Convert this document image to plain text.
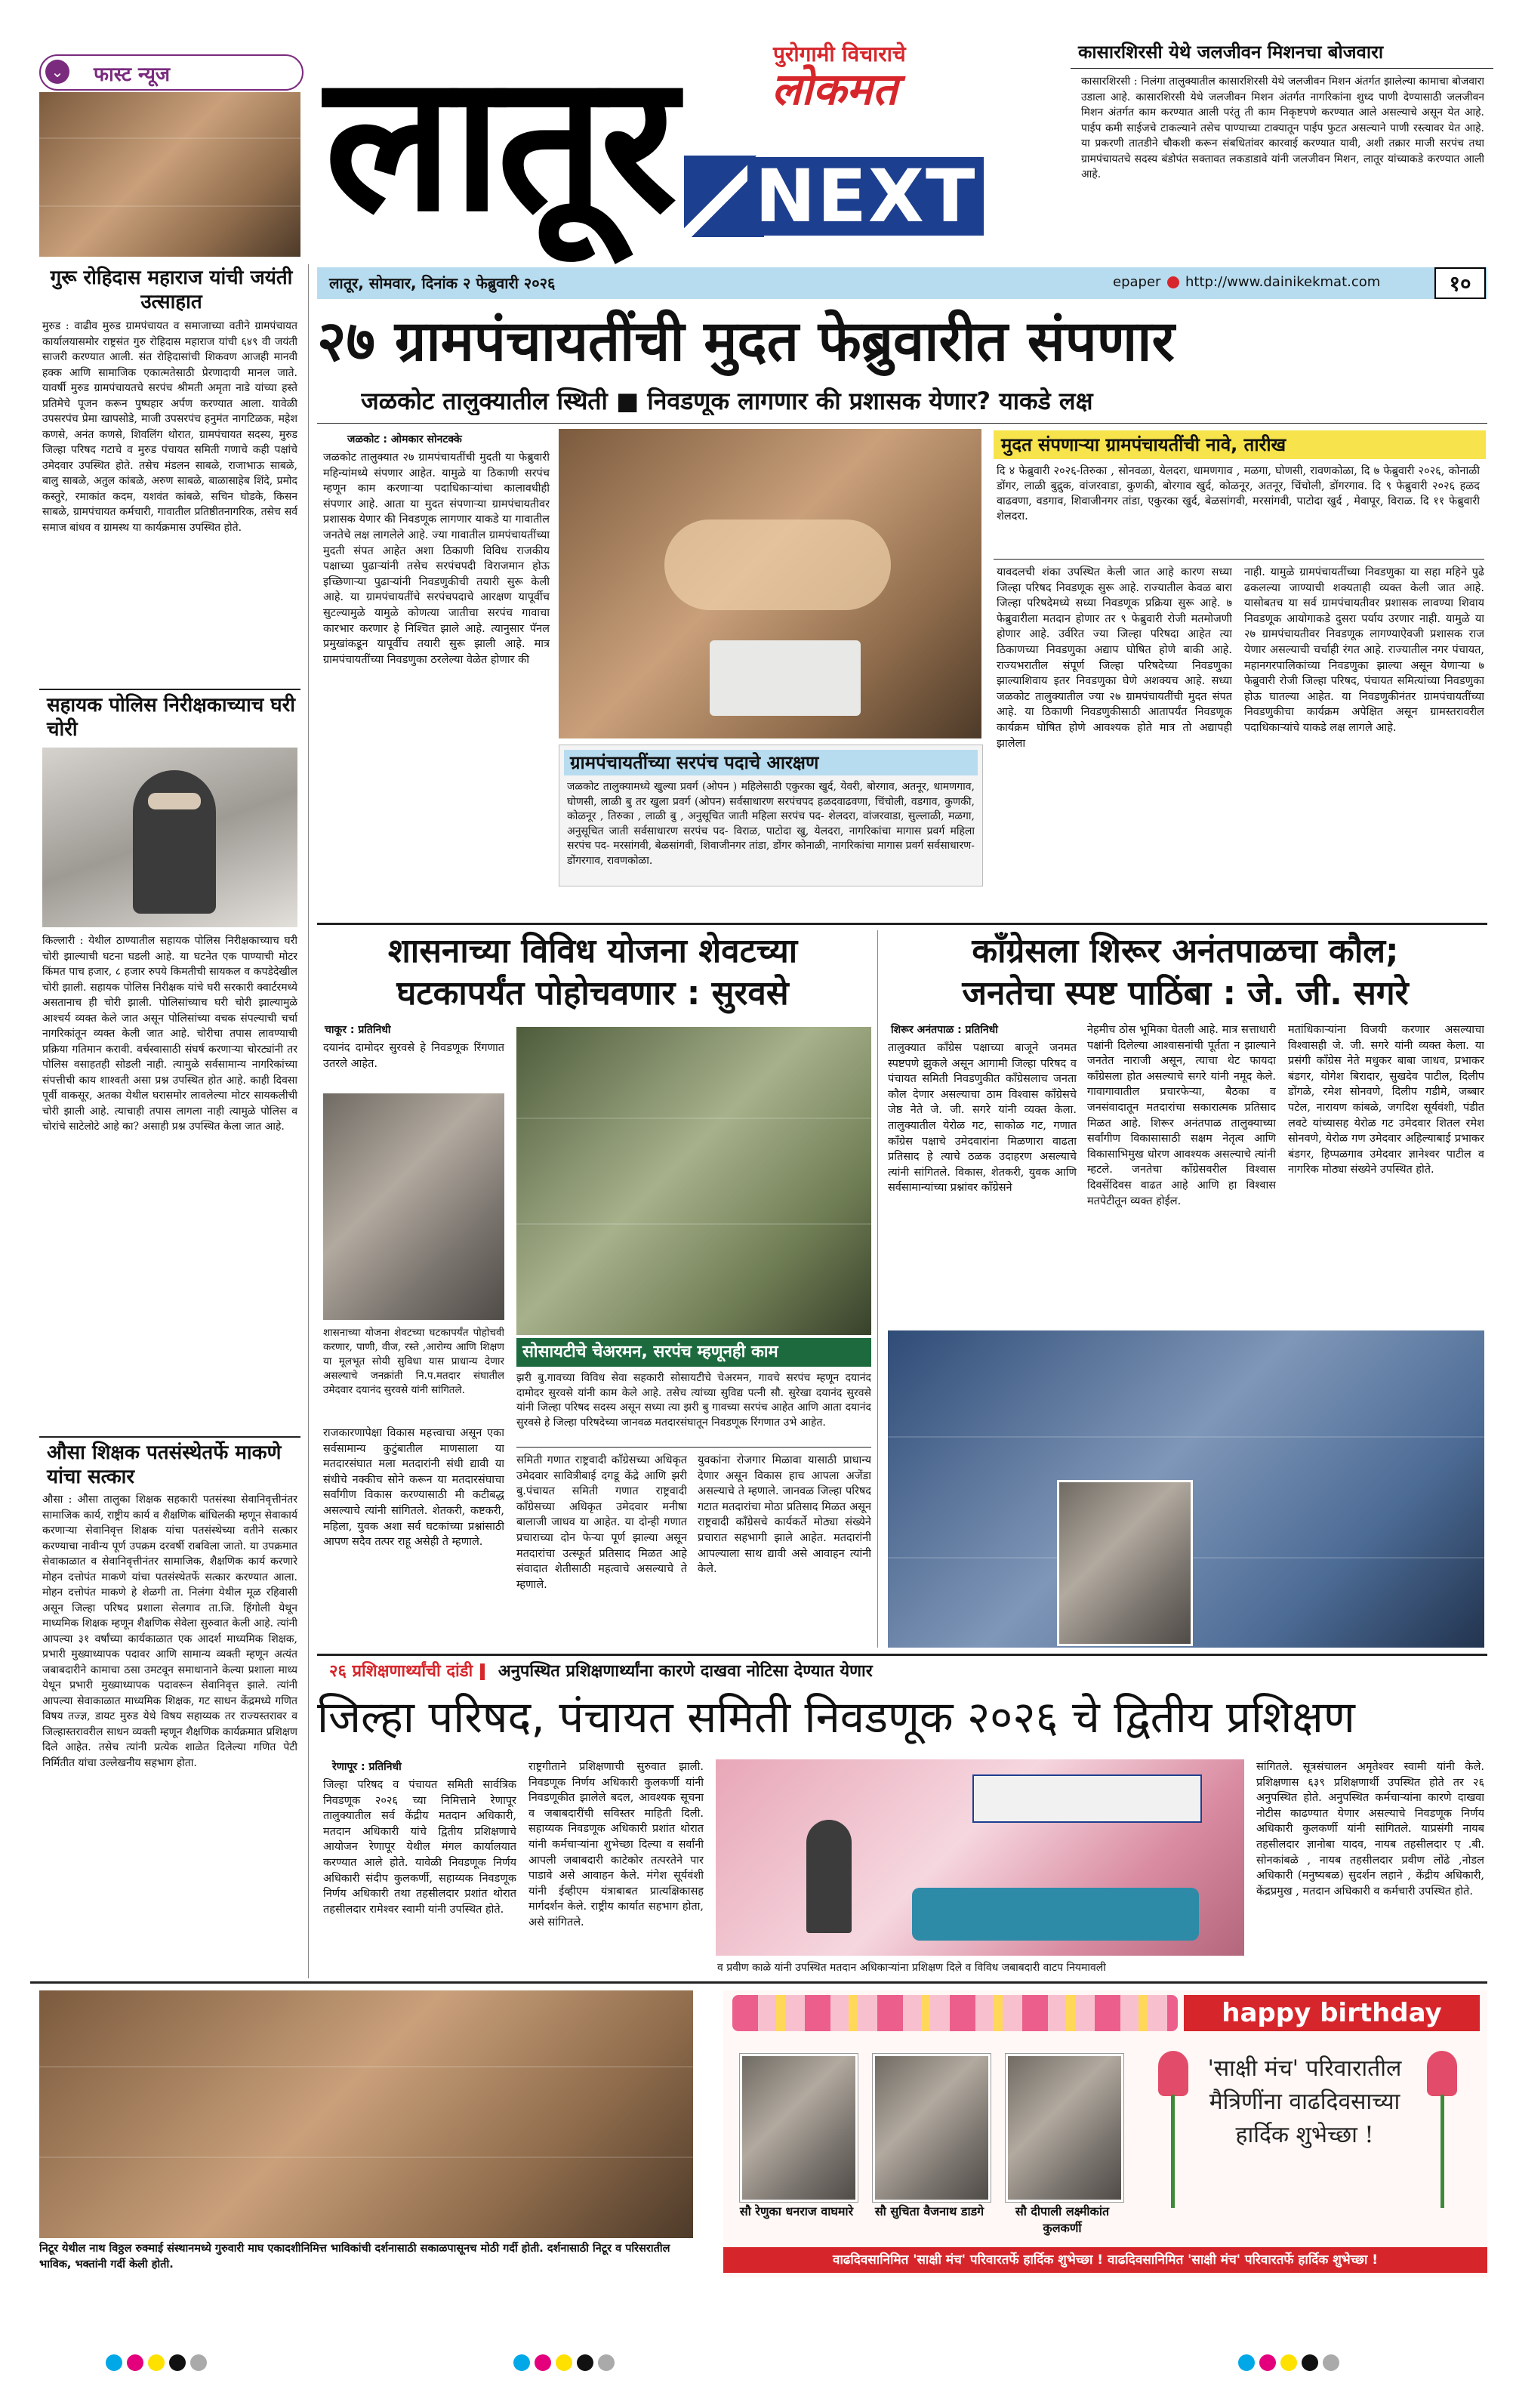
⌄ फास्ट न्यूज लातूर	पुरोगामी विचाराचे
लोकमत
NEXT
कासारशिरसी येथे जलजीवन मिशनचा बोजवारा
कासारशिरसी : निलंगा तालुक्यातील कासारशिरसी येथे जलजीवन मिशन अंतर्गत झालेल्या कामाचा बोजवारा उडाला आहे. कासारशिरसी येथे जलजीवन मिशन अंतर्गत नागरिकांना शुध्द पाणी देण्यासाठी जलजीवन मिशन अंतर्गत काम करण्यात आली परंतु ती काम निकृष्टपणे करण्यात आले असल्याचे असून येत आहे. पाईप कमी साईजचे टाकल्याने तसेच पाण्याच्या टाक्यातून पाईप फुटत असल्याने पाणी रस्त्यावर येत आहे. या प्रकरणी तातडीने चौकशी करून संबधितांवर कारवाई करण्यात यावी, अशी तक्रार माजी सरपंच तथा ग्रामपंचायतचे सदस्य बंडोपंत सक्तावत लकडाडावे यांनी जलजीवन मिशन, लातूर यांच्याकडे करण्यात आली आहे.
लातूर, सोमवार, दिनांक २ फेब्रुवारी २०२६	epaper http://www.dainikekmat.com	१०
गुरू रोहिदास महाराज यांची जयंती उत्साहात
मुरुड : वाढीव मुरुड ग्रामपंचायत व समाजाच्या वतीने ग्रामपंचायत कार्यालयासमोर राष्ट्रसंत गुरु रोहिदास महाराज यांची ६४९ वी जयंती साजरी करण्यात आली. संत रोहिदासांची शिकवण आजही मानवी हक्क आणि सामाजिक एकात्मतेसाठी प्रेरणादायी मानल जाते. यावर्षी मुरुड ग्रामपंचायतचे सरपंच श्रीमती अमृता नाडे यांच्या हस्ते प्रतिमेचे पूजन करून पुष्पहार अर्पण करण्यात आला. यावेळी उपसरपंच प्रेमा खापसोडे, माजी उपसरपंच हनुमंत नागटिळक, महेश कणसे, अनंत कणसे, शिवलिंग थोरात, ग्रामपंचायत सदस्य, मुरुड जिल्हा परिषद गटाचे व मुरुड पंचायत समिती गणाचे कही पक्षांचे उमेदवार उपस्थित होते. तसेच मंडलन साबळे, राजाभाऊ साबळे, बालु साबळे, अतुल कांबळे, अरुण साबळे, बाळासाहेब शिंदे, प्रमोद कस्तुरे, रमाकांत कदम, यशवंत कांबळे, सचिन घोडके, किसन साबळे, ग्रामपंचायत कर्मचारी, गावातील प्रतिष्ठीतनागरिक, तसेच सर्व समाज बांधव व ग्रामस्थ या कार्यक्रमास उपस्थित होते.
सहायक पोलिस निरीक्षकाच्याच घरी चोरी
किल्लारी : येथील ठाण्यातील सहायक पोलिस निरीक्षकाच्याच घरी चोरी झाल्याची घटना घडली आहे. या घटनेत एक पाण्याची मोटर किंमत पाच हजार, ८ हजार रुपये किमतीची सायकल व कपडेदेखील चोरी झाली. सहायक पोलिस निरीक्षक यांचे घरी सरकारी क्वार्टरमध्ये असतानाच ही चोरी झाली. पोलिसांच्याच घरी चोरी झाल्यामुळे आश्चर्य व्यक्त केले जात असून पोलिसांच्या वचक संपल्याची चर्चा नागरिकांतून व्यक्त केली जात आहे. चोरीचा तपास लावण्याची प्रक्रिया गतिमान करावी. वर्चस्वासाठी संघर्ष करणाऱ्या चोरट्यांनी तर पोलिस वसाहतही सोडली नाही. त्यामुळे सर्वसामान्य नागरिकांच्या संपत्तीची काय शाश्वती असा प्रश्न उपस्थित होत आहे. काही दिवसा पूर्वी वाकसूर, अतका येथील घरासमोर लावलेल्या मोटर सायकलीची चोरी झाली आहे. त्याचाही तपास लागला नाही त्यामुळे पोलिस व चोरांचे साटेलोटे आहे का? असाही प्रश्न उपस्थित केला जात आहे.
औसा शिक्षक पतसंस्थेतर्फे माकणे यांचा सत्कार
औसा : औसा तालुका शिक्षक सहकारी पतसंस्था सेवानिवृत्तीनंतर सामाजिक कार्य, राष्ट्रीय कार्य व शैक्षणिक बांधिलकी म्हणून सेवाकार्य करणाऱ्या सेवानिवृत्त शिक्षक यांचा पतसंस्थेच्या वतीने सत्कार करण्याचा नावीन्य पूर्ण उपक्रम दरवर्षी राबविला जातो. या उपक्रमात सेवाकाळात व सेवानिवृत्तीनंतर सामाजिक, शैक्षणिक कार्य करणारे मोहन दत्तोपंत माकणे यांचा पतसंस्थेतर्फे सत्कार करण्यात आला. मोहन दत्तोपंत माकणे हे शेळगी ता. निलंगा येथील मूळ रहिवासी असून जिल्हा परिषद प्रशाला सेलगाव ता.जि. हिंगोली येथून माध्यमिक शिक्षक म्हणून शैक्षणिक सेवेला सुरुवात केली आहे. त्यांनी आपल्या ३१ वर्षांच्या कार्यकाळात एक आदर्श माध्यमिक शिक्षक, प्रभारी मुख्याध्यापक पदावर आणि सामान्य व्यक्ती म्हणून अत्यंत जबाबदारीने कामाचा ठसा उमटवून समाधानाने केल्या प्रशाला माध्य येथून प्रभारी मुख्याध्यापक पदावरून सेवानिवृत्त झाले. त्यांनी आपल्या सेवाकाळात माध्यमिक शिक्षक, गट साधन केंद्रमध्ये गणित विषय तज्ज्ञ, डायट मुरुड येथे विषय सहाय्यक तर राज्यस्तरावर व जिल्हास्तरावरील साधन व्यक्ती म्हणून शैक्षणिक कार्यक्रमात प्रशिक्षण दिले आहेत. तसेच त्यांनी प्रत्येक शाळेत दिलेल्या गणित पेटी निर्मितीत यांचा उल्लेखनीय सहभाग होता.
२७ ग्रामपंचायतींची मुदत फेब्रुवारीत संपणार
जळकोट तालुक्यातील स्थिती ■ निवडणूक लागणार की प्रशासक येणार? याकडे लक्ष
जळकोट : ओमकार सोनटक्के
जळकोट तालुक्यात २७ ग्रामपंचायतींची मुदती या फेब्रुवारी महिन्यांमध्ये संपणार आहेत. यामुळे या ठिकाणी सरपंच म्हणून काम करणाऱ्या पदाधिकाऱ्यांचा कालावधीही संपणार आहे. आता या मुदत संपणाऱ्या ग्रामपंचायतीवर प्रशासक येणार की निवडणूक लागणार याकडे या गावातील जनतेचे लक्ष लागलेले आहे. ज्या गावातील ग्रामपंचायतींच्या मुदती संपत आहेत अशा ठिकाणी विविध राजकीय पक्षाच्या पुढाऱ्यांनी तसेच सरपंचपदी विराजमान होऊ इच्छिणाऱ्या पुढाऱ्यांनी निवडणुकीची तयारी सुरू केली आहे. या ग्रामपंचायतींचे सरपंचपदाचे आरक्षण यापूर्वीच सुटल्यामुळे यामुळे कोणत्या जातीचा सरपंच गावाचा कारभार करणार हे निश्चित झाले आहे. त्यानुसार पॅनल प्रमुखांकडून यापूर्वीच तयारी सुरू झाली आहे. मात्र ग्रामपंचायतींच्या निवडणुका ठरलेल्या वेळेत होणार की
ग्रामपंचायतींच्या सरपंच पदाचे आरक्षण
जळकोट तालुक्यामध्ये खुल्या प्रवर्ग (ओपन ) महिलेसाठी एकुरका खुर्द, येवरी, बोरगाव, अतनूर, धामणगाव, घोणसी, लाळी बु तर खुला प्रवर्ग (ओपन) सर्वसाधारण सरपंचपद हळदवाढवणा, चिंचोली, वडगाव, कुणकी, कोळनूर , तिरुका , लाळी बु , अनुसूचित जाती महिला सरपंच पद- शेलदरा, वांजरवाडा, सुल्लाळी, मळगा, अनुसूचित जाती सर्वसाधारण सरपंच पद- विराळ, पाटोदा खु, येलदरा, नागरिकांचा मागास प्रवर्ग महिला सरपंच पद- मरसांगवी, बेळसांगवी, शिवाजीनगर तांडा, डोंगर कोनाळी, नागरिकांचा मागास प्रवर्ग सर्वसाधारण- डोंगरगाव, रावणकोळा.
मुदत संपणाऱ्या ग्रामपंचायतींची नावे, तारीख
दि ४ फेब्रुवारी २०२६-तिरुका , सोनवळा, येलदरा, धामणगाव , मळगा, घोणसी, रावणकोळा, दि ७ फेब्रुवारी २०२६, कोनाळी डोंगर, लाळी बुद्रुक, वांजरवाडा, कुणकी, बोरगाव खुर्द, कोळनूर, अतनूर, चिंचोली, डोंगरगाव. दि ९ फेब्रुवारी २०२६ हळद वाढवणा, वडगाव, शिवाजीनगर तांडा, एकुरका खुर्द, बेळसांगवी, मरसांगवी, पाटोदा खुर्द , मेवापूर, विराळ. दि ११ फेब्रुवारी शेलदरा.
यावदलची शंका उपस्थित केली जात आहे कारण सध्या जिल्हा परिषद निवडणूक सुरू आहे. राज्यातील केवळ बारा जिल्हा परिषदेमध्ये सध्या निवडणूक प्रक्रिया सुरू आहे. ७ फेब्रुवारीला मतदान होणार तर ९ फेब्रुवारी रोजी मतमोजणी होणार आहे. उर्वरित ज्या जिल्हा परिषदा आहेत त्या ठिकाणच्या निवडणुका अद्याप घोषित होणे बाकी आहे. राज्यभरातील संपूर्ण जिल्हा परिषदेच्या निवडणुका झाल्याशिवाय इतर निवडणुका घेणे अशक्यच आहे. सध्या जळकोट तालुक्यातील ज्या २७ ग्रामपंचायतींची मुदत संपत आहे. या ठिकाणी निवडणुकीसाठी आतापर्यंत निवडणूक कार्यक्रम घोषित होणे आवश्यक होते मात्र तो अद्यापही झालेला
नाही. यामुळे ग्रामपंचायतींच्या निवडणुका या सहा महिने पुढे ढकलल्या जाण्याची शक्यताही व्यक्त केली जात आहे. यासोबतच या सर्व ग्रामपंचायतीवर प्रशासक लावण्या शिवाय निवडणूक आयोगाकडे दुसरा पर्याय उरणार नाही. यामुळे या २७ ग्रामपंचायतीवर निवडणूक लागण्याऐवजी प्रशासक राज येणार असल्याची चर्चाही रंगत आहे. राज्यातील नगर पंचायत, महानगरपालिकांच्या निवडणुका झाल्या असून येणाऱ्या ७ फेब्रुवारी रोजी जिल्हा परिषद, पंचायत समित्यांच्या निवडणुका होऊ घातल्या आहेत. या निवडणुकीनंतर ग्रामपंचायतींच्या निवडणुकीचा कार्यक्रम अपेक्षित असून ग्रामस्तरावरील पदाधिकाऱ्यांचे याकडे लक्ष लागले आहे.
शासनाच्या विविध योजना शेवटच्या
घटकापर्यंत पोहोचवणार : सुरवसे
चाकूर : प्रतिनिधी
दयानंद दामोदर सुरवसे हे निवडणूक रिंगणात उतरले आहेत.
शासनाच्या योजना शेवटच्या घटकापर्यंत पोहोचवी करणार, पाणी, वीज, रस्ते ,आरोग्य आणि शिक्षण या मूलभूत सोयी सुविधा यास प्राधान्य देणार असल्याचे जनक्रांती नि.प.मतदार संघातील उमेदवार दयानंद सुरवसे यांनी सांगितले.
सोसायटीचे चेअरमन, सरपंच म्हणूनही काम
झरी बु.गावच्या विविध सेवा सहकारी सोसायटीचे चेअरमन, गावचे सरपंच म्हणून दयानंद दामोदर सुरवसे यांनी काम केले आहे. तसेच त्यांच्या सुविद्य पत्नी सौ. सुरेखा दयानंद सुरवसे यांनी जिल्हा परिषद सदस्य असून सध्या त्या झरी बु गावच्या सरपंच आहेत आणि आता दयानंद सुरवसे हे जिल्हा परिषदेच्या जानवळ मतदारसंघातून निवडणूक रिंगणात उभे आहेत.
राजकारणापेक्षा विकास महत्त्वाचा असून एका सर्वसामान्य कुटुंबातील माणसाला या मतदारसंघात मला मतदारांनी संधी द्यावी या संधीचे नक्कीच सोने करून या मतदारसंघाचा सर्वांगीण विकास करण्यासाठी मी कटीबद्ध असल्याचे त्यांनी सांगितले. शेतकरी, कष्टकरी, महिला, युवक अशा सर्व घटकांच्या प्रश्नांसाठी आपण सदैव तत्पर राहू असेही ते म्हणाले.
समिती गणात राष्ट्रवादी काँग्रेसच्या अधिकृत उमेदवार सावित्रीबाई दगडू केंद्रे आणि झरी बु.पंचायत समिती गणात राष्ट्रवादी काँग्रेसच्या अधिकृत उमेदवार मनीषा बालाजी जाधव या आहेत. या दोन्ही गणात प्रचाराच्या दोन फेऱ्या पूर्ण झाल्या असून मतदारांचा उत्स्फूर्त प्रतिसाद मिळत आहे संवादात शेतीसाठी महत्वाचे असल्याचे ते म्हणाले.
युवकांना रोजगार मिळावा यासाठी प्राधान्य देणार असून विकास हाच आपला अजेंडा असल्याचे ते म्हणाले. जानवळ जिल्हा परिषद गटात मतदारांचा मोठा प्रतिसाद मिळत असून राष्ट्रवादी काँग्रेसचे कार्यकर्ते मोठ्या संख्येने प्रचारात सहभागी झाले आहेत. मतदारांनी आपल्याला साथ द्यावी असे आवाहन त्यांनी केले.
काँग्रेसला शिरूर अनंतपाळचा कौल;
जनतेचा स्पष्ट पाठिंबा : जे. जी. सगरे
शिरूर अनंतपाळ : प्रतिनिधी
तालुक्यात काँग्रेस पक्षाच्या बाजूने जनमत स्पष्टपणे झुकले असून आगामी जिल्हा परिषद व पंचायत समिती निवडणुकीत काँग्रेसलाच जनता कौल देणार असल्याचा ठाम विश्वास काँग्रेसचे जेष्ठ नेते जे. जी. सगरे यांनी व्यक्त केला. तालुक्यातील येरोळ गट, साकोळ गट, गणात काँग्रेस पक्षाचे उमेदवारांना मिळणारा वाढता प्रतिसाद हे त्याचे ठळक उदाहरण असल्याचे त्यांनी सांगितले. विकास, शेतकरी, युवक आणि सर्वसामान्यांच्या प्रश्नांवर काँग्रेसने
नेहमीच ठोस भूमिका घेतली आहे. मात्र सत्ताधारी पक्षांनी दिलेल्या आश्वासनांची पूर्तता न झाल्याने जनतेत नाराजी असून, त्याचा थेट फायदा काँग्रेसला होत असल्याचे सगरे यांनी नमूद केले. गावागावातील प्रचारफेऱ्या, बैठका व जनसंवादातून मतदारांचा सकारात्मक प्रतिसाद मिळत आहे. शिरूर अनंतपाळ तालुक्याच्या सर्वांगीण विकासासाठी सक्षम नेतृत्व आणि विकासाभिमुख धोरण आवश्यक असल्याचे त्यांनी म्हटले. जनतेचा काँग्रेसवरील विश्वास दिवसेंदिवस वाढत आहे आणि हा विश्वास मतपेटीतून व्यक्त होईल.
मतांधिकाऱ्यांना विजयी करणार असल्याचा विश्वासही जे. जी. सगरे यांनी व्यक्त केला. या प्रसंगी काँग्रेस नेते मधुकर बाबा जाधव, प्रभाकर बंडगर, योगेश बिरादार, सुखदेव पाटील, दिलीप डोंगळे, रमेश सोनवणे, दिलीप गडीमे, जब्बार पटेल, नारायण कांबळे, जगदिश सूर्यवंशी, पंडीत लवटे यांच्यासह येरोळ गट उमेदवार शितल रमेश सोनवणे, येरोळ गण उमेदवार अहिल्याबाई प्रभाकर बंडगर, हिप्पळगाव उमेदवार ज्ञानेश्वर पाटील व नागरिक मोठ्या संख्येने उपस्थित होते.
२६ प्रशिक्षणार्थ्यांची दांडी अनुपस्थित प्रशिक्षणार्थ्यांना कारणे दाखवा नोटिसा देण्यात येणार
जिल्हा परिषद, पंचायत समिती निवडणूक २०२६ चे द्वितीय प्रशिक्षण
रेणापूर : प्रतिनिधी
जिल्हा परिषद व पंचायत समिती सार्वत्रिक निवडणूक २०२६ च्या निमित्ताने रेणापूर तालुक्यातील सर्व केंद्रीय मतदान अधिकारी, मतदान अधिकारी यांचे द्वितीय प्रशिक्षणाचे आयोजन रेणापूर येथील मंगल कार्यालयात करण्यात आले होते. यावेळी निवडणूक निर्णय अधिकारी संदीप कुलकर्णी, सहाय्यक निवडणूक निर्णय अधिकारी तथा तहसीलदार प्रशांत थोरात तहसीलदार रामेश्वर स्वामी यांनी उपस्थित होते.
राष्ट्रगीताने प्रशिक्षणाची सुरुवात झाली. निवडणूक निर्णय अधिकारी कुलकर्णी यांनी निवडणूकीत झालेले बदल, आवश्यक सूचना व जबाबदारींची सविस्तर माहिती दिली. सहाय्यक निवडणूक अधिकारी प्रशांत थोरात यांनी कर्मचाऱ्यांना शुभेच्छा दिल्या व सर्वांनी आपली जबाबदारी काटेकोर तत्परतेने पार पाडावे असे आवाहन केले. मंगेश सूर्यवंशी यांनी ईव्हीएम यंत्राबाबत प्रात्यक्षिकासह मार्गदर्शन केले. राष्ट्रीय कार्यात सहभाग होता, असे सांगितले.
व प्रवीण काळे यांनी उपस्थित मतदान अधिकाऱ्यांना प्रशिक्षण दिले व विविध जबाबदारी वाटप नियमावली
सांगितले. सूत्रसंचालन अमृतेश्वर स्वामी यांनी केले. प्रशिक्षणास ६३९ प्रशिक्षणार्थी उपस्थित होते तर २६ अनुपस्थित होते. अनुपस्थित कर्मचाऱ्यांना कारणे दाखवा नोटीस काढण्यात येणार असल्याचे निवडणूक निर्णय अधिकारी कुलकर्णी यांनी सांगितले. याप्रसंगी नायब तहसीलदार ज्ञानोबा यादव, नायब तहसीलदार ए .बी. सोनकांबळे , नायब तहसीलदार प्रवीण लोंढे ,नोडल अधिकारी (मनुष्यबळ) सुदर्शन लहाने , केंद्रीय अधिकारी, केंद्रप्रमुख , मतदान अधिकारी व कर्मचारी उपस्थित होते.
निटूर येथील नाथ विठ्ठल रुक्माई संस्थानमध्ये गुरुवारी माघ एकादशीनिमित्त भाविकांची दर्शनासाठी सकाळपासूनच मोठी गर्दी होती. दर्शनासाठी निटूर व परिसरातील भाविक, भक्तांनी गर्दी केली होती.
happy birthday
सौ रेणुका धनराज वाघमारे	सौ सुचिता वैजनाथ डाडगे	सौ दीपाली लक्ष्मीकांत कुलकर्णी
'साक्षी मंच' परिवारातील मैत्रिणींना वाढदिवसाच्या हार्दिक शुभेच्छा !
वाढदिवसानिमित 'साक्षी मंच' परिवारतर्फे हार्दिक शुभेच्छा ! वाढदिवसानिमित 'साक्षी मंच' परिवारतर्फे हार्दिक शुभेच्छा !
